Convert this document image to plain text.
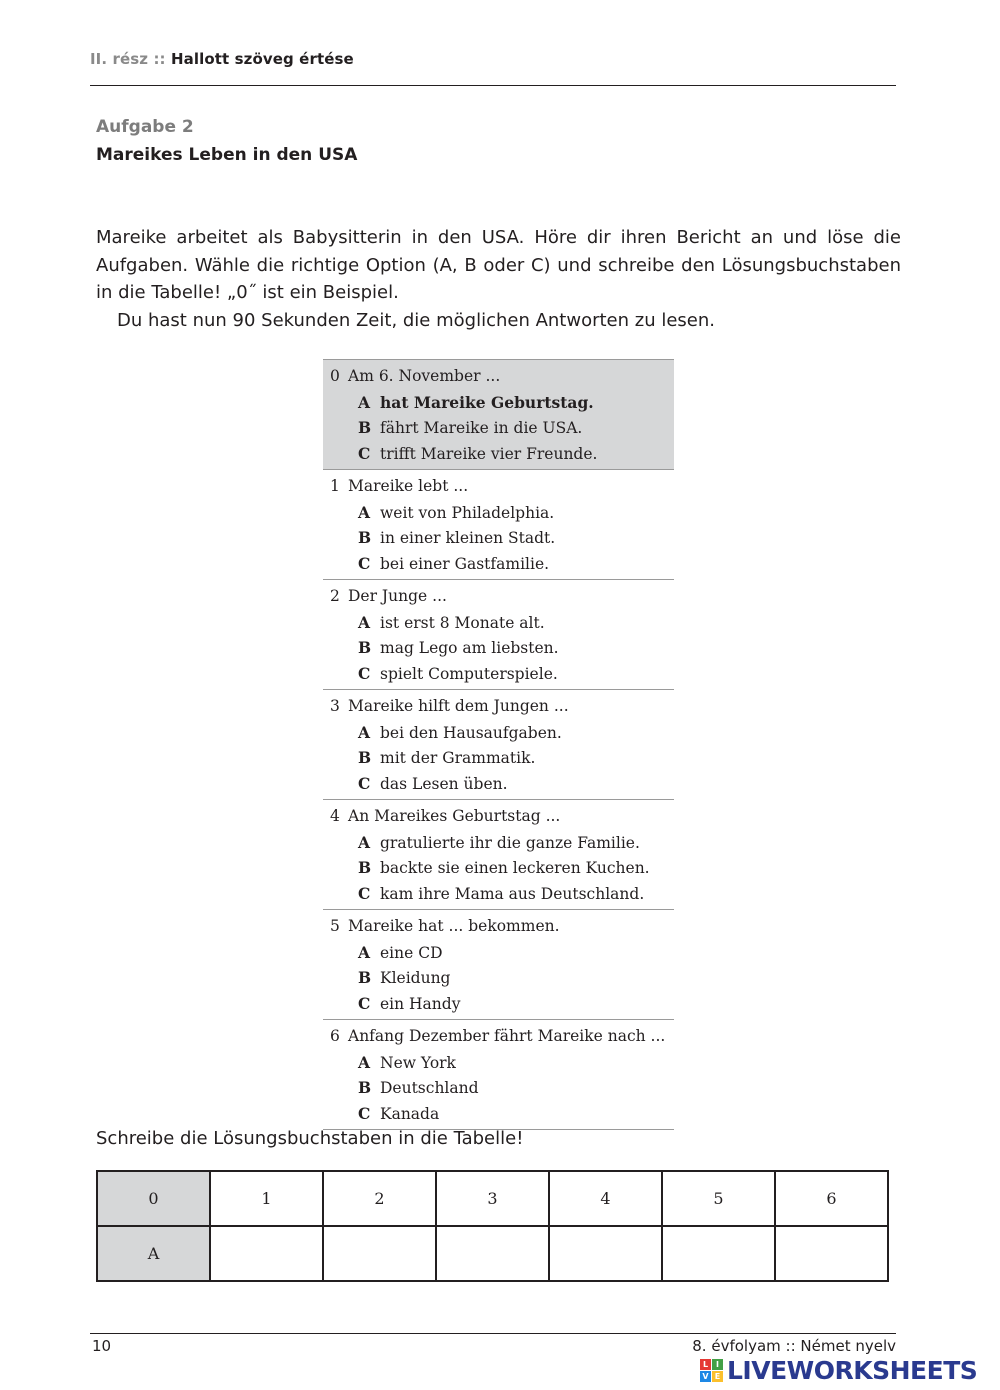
II. rész :: Hallott szöveg értése
Aufgabe 2
Mareikes Leben in den USA

Mareike arbeitet als Babysitterin in den USA. Höre dir ihren Bericht an und löse die Aufgaben. Wähle die richtige Option (A, B oder C) und schreibe den Lösungsbuchstaben in die Tabelle! „0˝ ist ein Beispiel.

Du hast nun 90 Sekunden Zeit, die möglichen Antworten zu lesen.

0 Am 6. November ...
A hat Mareike Geburtstag.
B fährt Mareike in die USA.
C trifft Mareike vier Freunde.
1 Mareike lebt ...
A weit von Philadelphia.
B in einer kleinen Stadt.
C bei einer Gastfamilie.
2 Der Junge ...
A ist erst 8 Monate alt.
B mag Lego am liebsten.
C spielt Computerspiele.
3 Mareike hilft dem Jungen ...
A bei den Hausaufgaben.
B mit der Grammatik.
C das Lesen üben.
4 An Mareikes Geburtstag ...
A gratulierte ihr die ganze Familie.
B backte sie einen leckeren Kuchen.
C kam ihre Mama aus Deutschland.
5 Mareike hat ... bekommen.
A eine CD
B Kleidung
C ein Handy
6 Anfang Dezember fährt Mareike nach ...
A New York
B Deutschland
C Kanada
Schreibe die Lösungsbuchstaben in die Tabelle!
0	1	2	3	4	5	6
A						
10	8. évfolyam :: Német nyelv
L I
V E LIVEWORKSHEETS
